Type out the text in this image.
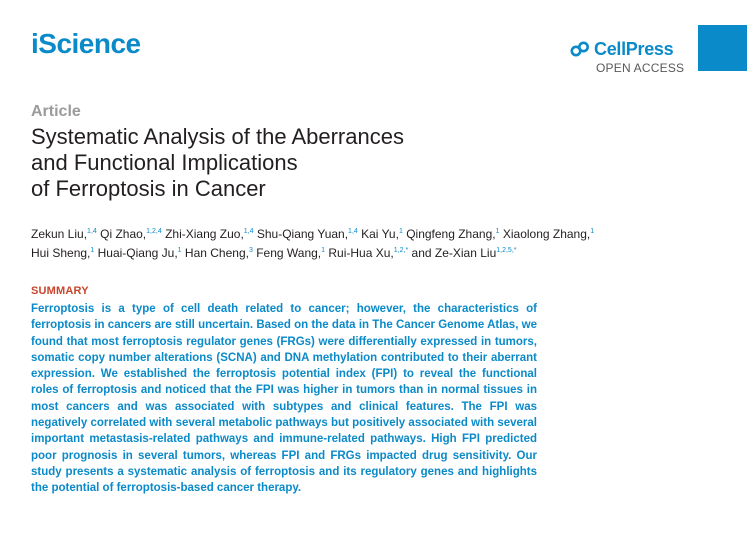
iScience	CellPress
OPEN ACCESS
Article
Systematic Analysis of the Aberrances
and Functional Implications
of Ferroptosis in Cancer
Zekun Liu,$^{1,4}$ Qi Zhao,$^{1,2,4}$ Zhi-Xiang Zuo,$^{1,4}$ Shu-Qiang Yuan,$^{1,4}$ Kai Yu,$^1$ Qingfeng Zhang,$^1$ Xiaolong Zhang,$^1$
Hui Sheng,$^1$ Huai-Qiang Ju,$^1$ Han Cheng,$^3$ Feng Wang,$^1$ Rui-Hua Xu,$^{1,2,*}$ and Ze-Xian Liu$^{1,2,5,*}$
SUMMARY
Ferroptosis is a type of cell death related to cancer; however, the characteristics of ferroptosis in cancers are still uncertain. Based on the data in The Cancer Genome Atlas, we found that most ferroptosis regulator genes (FRGs) were differentially expressed in tumors, somatic copy number alterations (SCNA) and DNA methylation contributed to their aberrant expression. We established the ferroptosis potential index (FPI) to reveal the functional roles of ferroptosis and noticed that the FPI was higher in tumors than in normal tissues in most cancers and was associated with subtypes and clinical features. The FPI was negatively correlated with several metabolic pathways but positively associated with several important metastasis-related pathways and immune-related pathways. High FPI predicted poor prognosis in several tumors, whereas FPI and FRGs impacted drug sensitivity. Our study presents a systematic analysis of ferroptosis and its regulatory genes and highlights the potential of ferroptosis-based cancer therapy.
